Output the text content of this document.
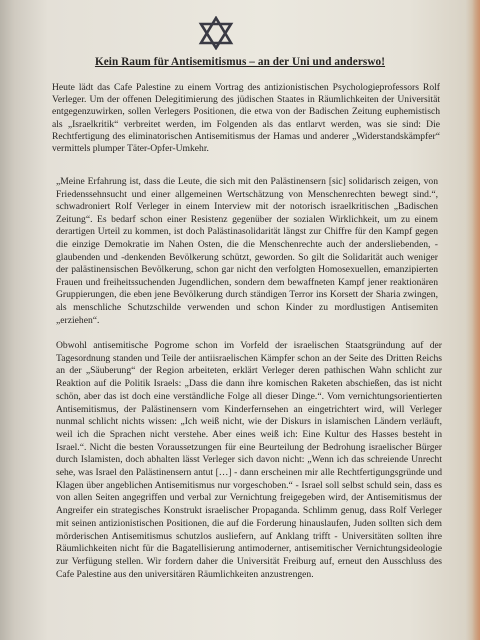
Kein Raum für Antisemitismus – an der Uni und anderswo!

Heute lädt das Cafe Palestine zu einem Vortrag des antizionistischen Psychologieprofessors Rolf Verleger. Um der offenen Delegitimierung des jüdischen Staates in Räumlichkeiten der Universität entgegenzuwirken, sollen Verlegers Positionen, die etwa von der Badischen Zeitung euphemistisch als „Israelkritik“ verbreitet werden, im Folgenden als das entlarvt werden, was sie sind: Die Rechtfertigung des eliminatorischen Antisemitismus der Hamas und anderer „Widerstandskämpfer“ vermittels plumper Täter-Opfer-Umkehr.

„Meine Erfahrung ist, dass die Leute, die sich mit den Palästinensern [sic] solidarisch zeigen, von Friedenssehnsucht und einer allgemeinen Wertschätzung von Menschenrechten bewegt sind.“, schwadroniert Rolf Verleger in einem Interview mit der notorisch israelkritischen „Badischen Zeitung“. Es bedarf schon einer Resistenz gegenüber der sozialen Wirklichkeit, um zu einem derartigen Urteil zu kommen, ist doch Palästinasolidarität längst zur Chiffre für den Kampf gegen die einzige Demokratie im Nahen Osten, die die Menschenrechte auch der andersliebenden, -glaubenden und -denkenden Bevölkerung schützt, geworden. So gilt die Solidarität auch weniger der palästinensischen Bevölkerung, schon gar nicht den verfolgten Homosexuellen, emanzipierten Frauen und freiheitssuchenden Jugendlichen, sondern dem bewaffneten Kampf jener reaktionären Gruppierungen, die eben jene Bevölkerung durch ständigen Terror ins Korsett der Sharia zwingen, als menschliche Schutzschilde verwenden und schon Kinder zu mordlustigen Antisemiten „erziehen“.

Obwohl antisemitische Pogrome schon im Vorfeld der israelischen Staatsgründung auf der Tagesordnung standen und Teile der antiisraelischen Kämpfer schon an der Seite des Dritten Reichs an der „Säuberung“ der Region arbeiteten, erklärt Verleger deren pathischen Wahn schlicht zur Reaktion auf die Politik Israels: „Dass die dann ihre komischen Raketen abschießen, das ist nicht schön, aber das ist doch eine verständliche Folge all dieser Dinge.“. Vom vernichtungsorientierten Antisemitismus, der Palästinensern vom Kinderfernsehen an eingetrichtert wird, will Verleger nunmal schlicht nichts wissen: „Ich weiß nicht, wie der Diskurs in islamischen Ländern verläuft, weil ich die Sprachen nicht verstehe. Aber eines weiß ich: Eine Kultur des Hasses besteht in Israel.“. Nicht die besten Voraussetzungen für eine Beurteilung der Bedrohung israelischer Bürger durch Islamisten, doch abhalten lässt Verleger sich davon nicht: „Wenn ich das schreiende Unrecht sehe, was Israel den Palästinensern antut […] - dann erscheinen mir alle Rechtfertigungsgründe und Klagen über angeblichen Antisemitismus nur vorgeschoben.“ - Israel soll selbst schuld sein, dass es von allen Seiten angegriffen und verbal zur Vernichtung freigegeben wird, der Antisemitismus der Angreifer ein strategisches Konstrukt israelischer Propaganda. Schlimm genug, dass Rolf Verleger mit seinen antizionistischen Positionen, die auf die Forderung hinauslaufen, Juden sollten sich dem mörderischen Antisemitismus schutzlos ausliefern, auf Anklang trifft - Universitäten sollten ihre Räumlichkeiten nicht für die Bagatellisierung antimoderner, antisemitischer Vernichtungsideologie zur Verfügung stellen. Wir fordern daher die Universität Freiburg auf, erneut den Ausschluss des Cafe Palestine aus den universitären Räumlichkeiten anzustrengen.
